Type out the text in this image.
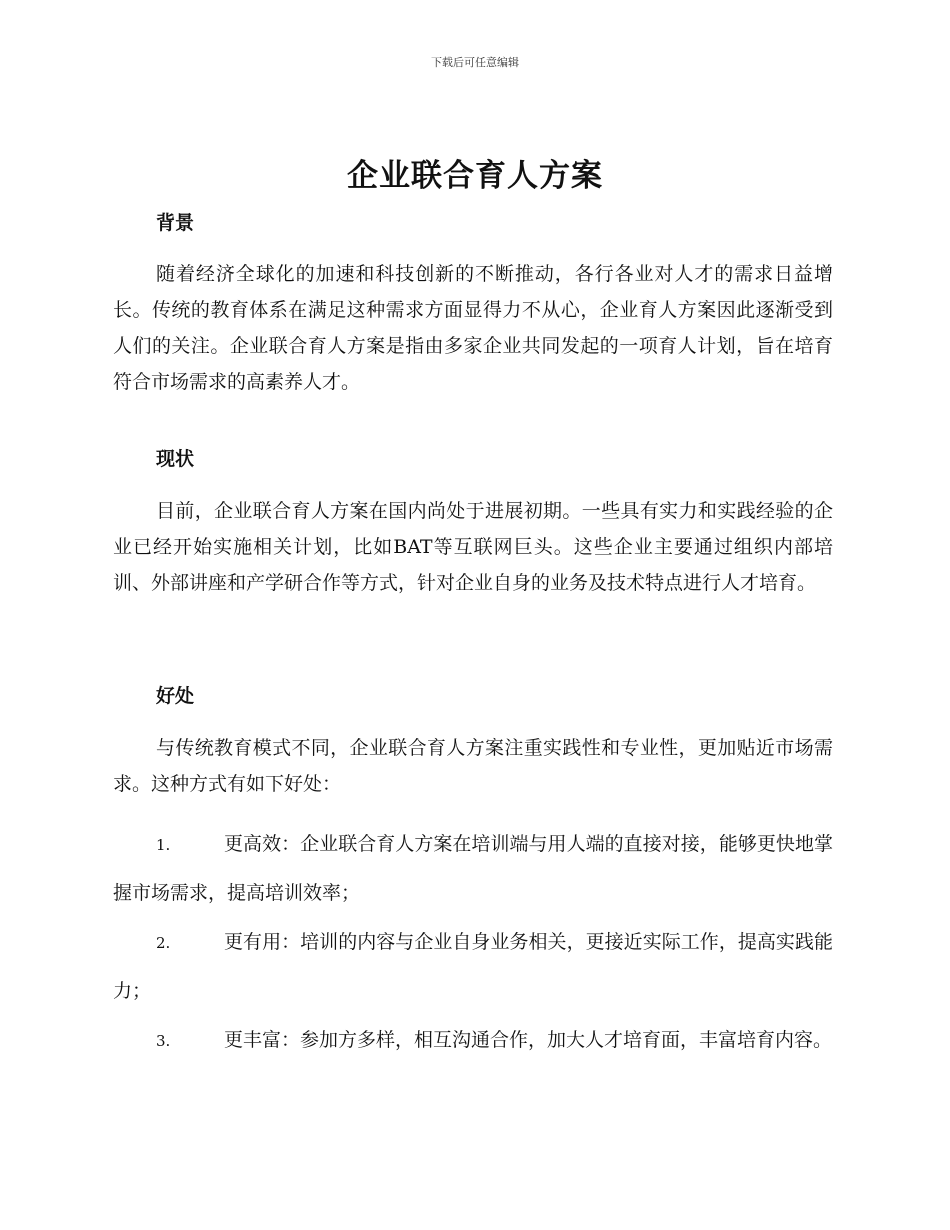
下载后可任意编辑
企业联合育人方案
背景

随着经济全球化的加速和科技创新的不断推动，各行各业对人才的需求日益增长。传统的教育体系在满足这种需求方面显得力不从心，企业育人方案因此逐渐受到人们的关注。企业联合育人方案是指由多家企业共同发起的一项育人计划，旨在培育符合市场需求的高素养人才。

现状

目前，企业联合育人方案在国内尚处于进展初期。一些具有实力和实践经验的企业已经开始实施相关计划，比如BAT等互联网巨头。这些企业主要通过组织内部培训、外部讲座和产学研合作等方式，针对企业自身的业务及技术特点进行人才培育。

好处

与传统教育模式不同，企业联合育人方案注重实践性和专业性，更加贴近市场需求。这种方式有如下好处：

1.	更高效：企业联合育人方案在培训端与用人端的直接对接，能够更快地掌握市场需求，提高培训效率；

2.	更有用：培训的内容与企业自身业务相关，更接近实际工作，提高实践能力；

3.	更丰富：参加方多样，相互沟通合作，加大人才培育面，丰富培育内容。
